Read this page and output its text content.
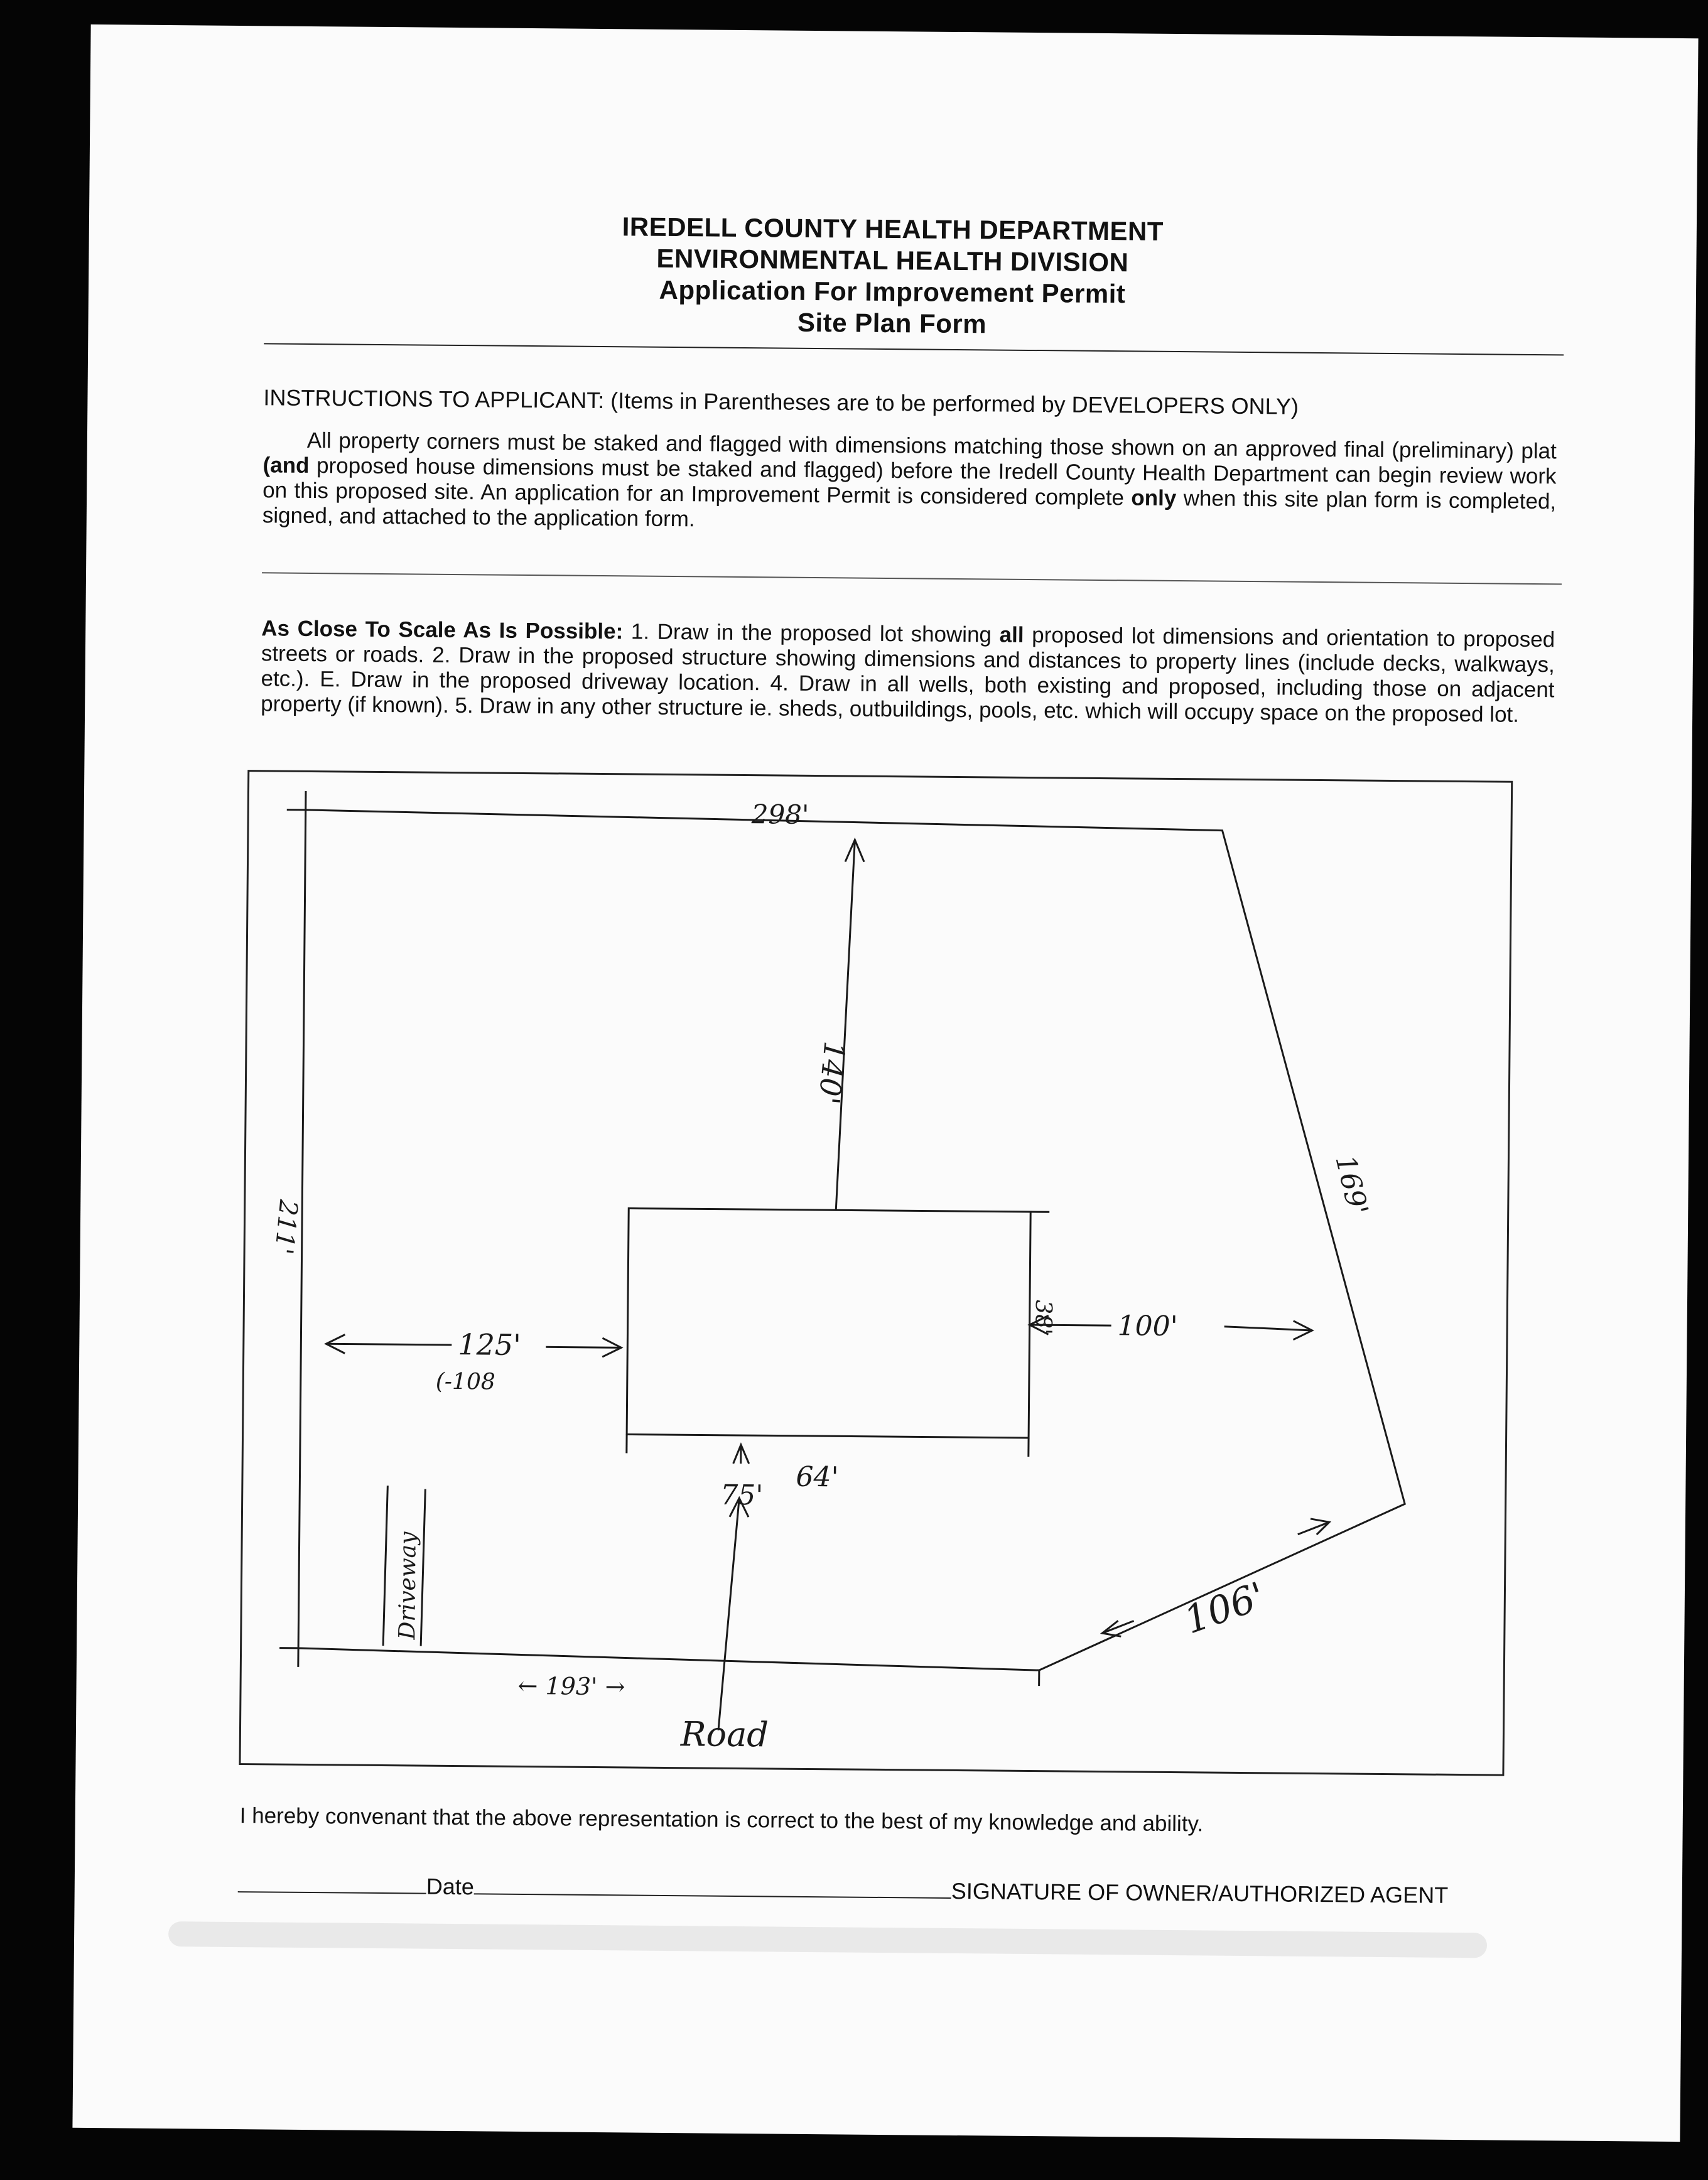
IREDELL COUNTY HEALTH DEPARTMENT
ENVIRONMENTAL HEALTH DIVISION
Application For Improvement Permit
Site Plan Form
INSTRUCTIONS TO APPLICANT: (Items in Parentheses are to be performed by DEVELOPERS ONLY)
All property corners must be staked and flagged with dimensions matching those shown on an approved final (preliminary) plat (and proposed house dimensions must be staked and flagged) before the Iredell County Health Department can begin review work on this proposed site. An application for an Improvement Permit is considered complete only when this site plan form is completed, signed, and attached to the application form.
As Close To Scale As Is Possible: 1. Draw in the proposed lot showing all proposed lot dimensions and orientation to proposed streets or roads. 2. Draw in the proposed structure showing dimensions and distances to property lines (include decks, walkways, etc.). E. Draw in the proposed driveway location. 4. Draw in all wells, both existing and proposed, including those on adjacent property (if known). 5. Draw in any other structure ie. sheds, outbuildings, pools, etc. which will occupy space on the proposed lot.
298'
140'
169'
100'
125'
(-108
211'
38'
64'
75'
Driveway
← 193' →
106'
Road
I hereby convenant that the above representation is correct to the best of my knowledge and ability.
Date	SIGNATURE OF OWNER/AUTHORIZED AGENT
